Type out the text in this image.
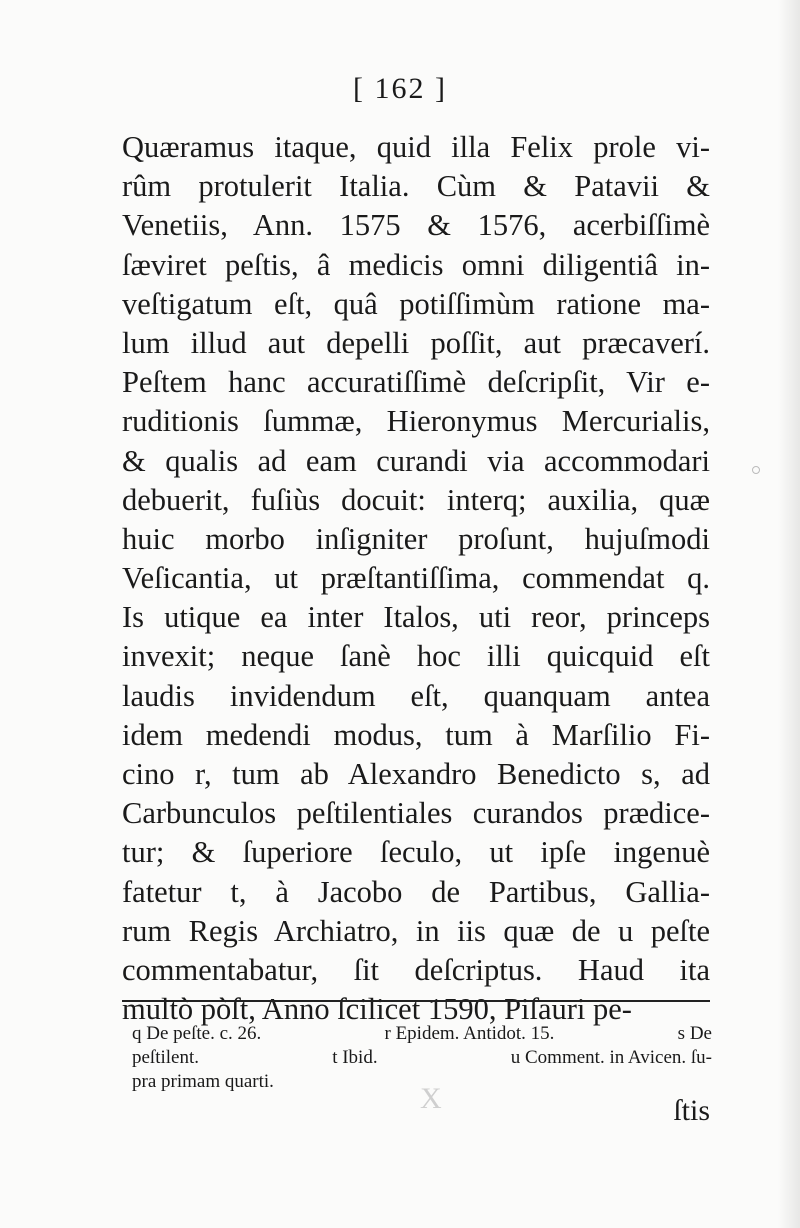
[ 162 ]
Quæramus itaque, quid illa Felix prole vi-
rûm protulerit Italia. Cùm & Patavii &
Venetiis, Ann. 1575 & 1576, acerbiſſimè
ſæviret peſtis, â medicis omni diligentiâ in-
veſtigatum eſt, quâ potiſſimùm ratione ma-
lum illud aut depelli poſſit, aut præcaverí.
Peſtem hanc accuratiſſimè deſcripſit, Vir e-
ruditionis ſummæ, Hieronymus Mercurialis,
& qualis ad eam curandi via accommodari
debuerit, fuſiùs docuit: interq; auxilia, quæ
huic morbo inſigniter proſunt, hujuſmodi
Veſicantia, ut præſtantiſſima, commendat q.
Is utique ea inter Italos, uti reor, princeps
invexit; neque ſanè hoc illi quicquid eſt
laudis invidendum eſt, quanquam antea
idem medendi modus, tum à Marſilio Fi-
cino r, tum ab Alexandro Benedicto s, ad
Carbunculos peſtilentiales curandos prædice-
tur; & ſuperiore ſeculo, ut ipſe ingenuè
fatetur t, à Jacobo de Partibus, Gallia-
rum Regis Archiatro, in iis quæ de u peſte
commentabatur, ſit deſcriptus. Haud ita
multò pòſt, Anno ſcilicet 1590, Piſauri pe-
q De peſte. c. 26.	r Epidem. Antidot. 15.	s De
peſtilent.	t Ibid.	u Comment. in Avicen. ſu-
pra primam quarti.
X	ſtis
